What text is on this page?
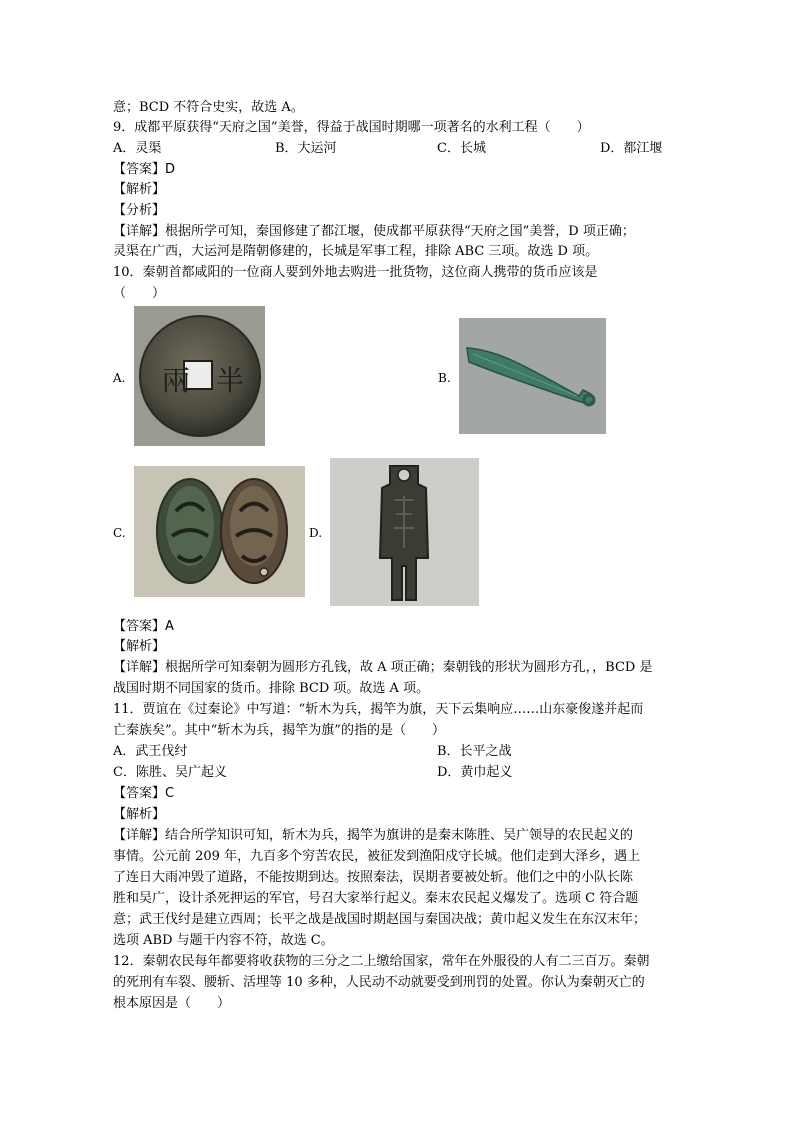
意；BCD 不符合史实，故选 A。
9．成都平原获得“天府之国”美誉，得益于战国时期哪一项著名的水利工程（　　）
A．灵渠	B．大运河	C．长城	D．都江堰
【答案】D
【解析】
【分析】
【详解】根据所学可知，秦国修建了都江堰，使成都平原获得“天府之国”美誉，D 项正确；
灵渠在广西，大运河是隋朝修建的，长城是军事工程，排除 ABC 三项。故选 D 项。
10．秦朝首都咸阳的一位商人要到外地去购进一批货物，这位商人携带的货币应该是
（　　）
A. 兩 半	B.
C.	D.
【答案】A
【解析】
【详解】根据所学可知秦朝为圆形方孔钱，故 A 项正确；秦朝钱的形状为圆形方孔，，BCD 是
战国时期不同国家的货币。排除 BCD 项。故选 A 项。
11．贾谊在《过秦论》中写道：“斩木为兵，揭竿为旗，天下云集响应……山东豪俊遂并起而
亡秦族矣”。其中“斩木为兵，揭竿为旗”的指的是（　　）
A．武王伐纣	B．长平之战
C．陈胜、吴广起义	D．黄巾起义
【答案】C
【解析】
【详解】结合所学知识可知，斩木为兵，揭竿为旗讲的是秦末陈胜、吴广领导的农民起义的
事情。公元前 209 年，九百多个穷苦农民，被征发到渔阳戍守长城。他们走到大泽乡，遇上
了连日大雨冲毁了道路，不能按期到达。按照秦法，误期者要被处斩。他们之中的小队长陈
胜和吴广，设计杀死押运的军官，号召大家举行起义。秦末农民起义爆发了。选项 C 符合题
意；武王伐纣是建立西周；长平之战是战国时期赵国与秦国决战；黄巾起义发生在东汉末年；
选项 ABD 与题干内容不符，故选 C。
12．秦朝农民每年都要将收获物的三分之二上缴给国家，常年在外服役的人有二三百万。秦朝
的死刑有车裂、腰斩、活埋等 10 多种，人民动不动就要受到刑罚的处置。你认为秦朝灭亡的
根本原因是（　　）
